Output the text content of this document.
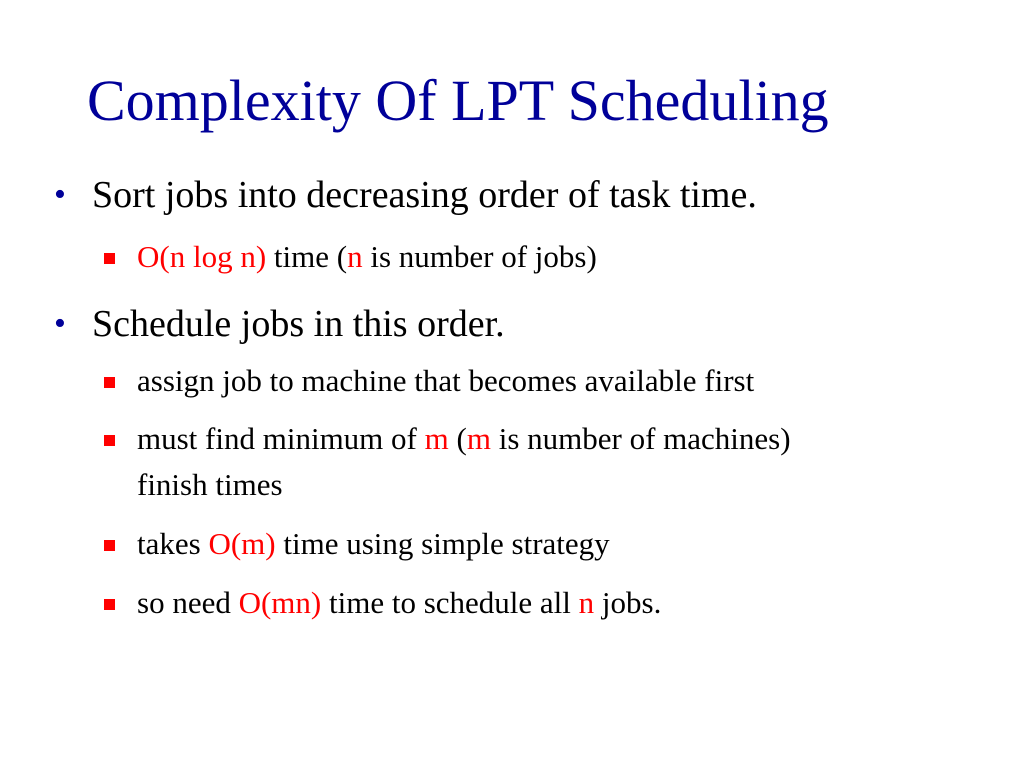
Complexity Of LPT Scheduling
• Sort jobs into decreasing order of task time.
O(n log n) time (n is number of jobs)
• Schedule jobs in this order.
assign job to machine that becomes available first
must find minimum of m (m is number of machines)
finish times
takes O(m) time using simple strategy
so need O(mn) time to schedule all n jobs.
